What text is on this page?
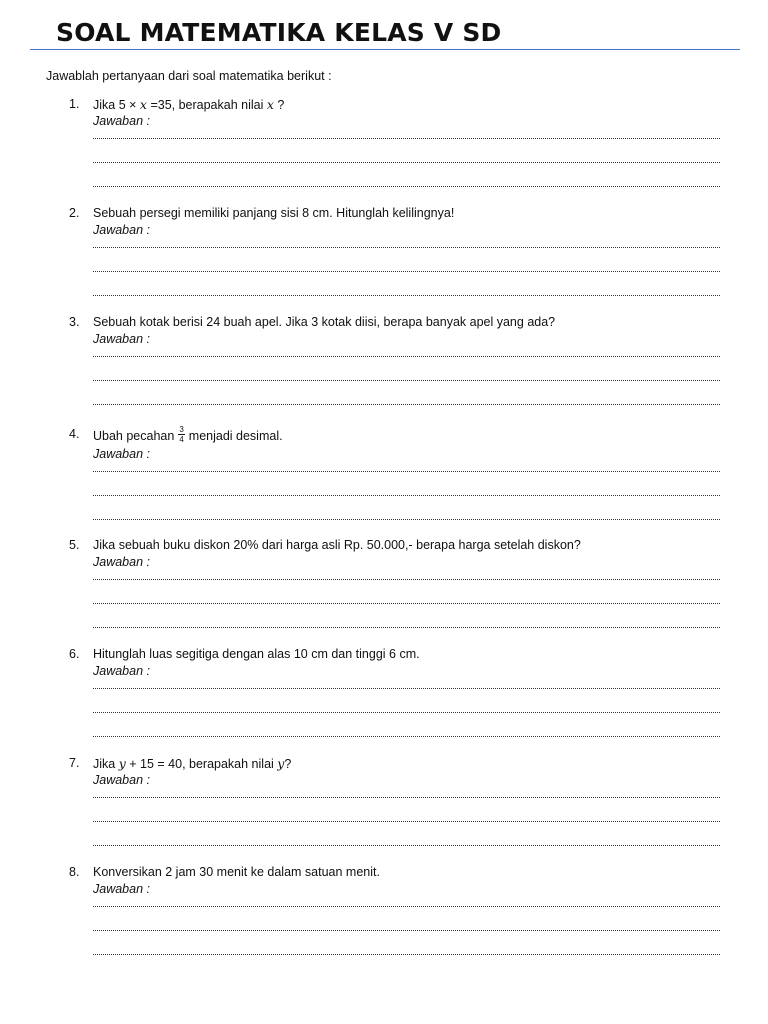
SOAL MATEMATIKA KELAS V SD
Jawablah pertanyaan dari soal matematika berikut :
1. Jika 5 × x =35, berapakah nilai x ?
Jawaban :
2. Sebuah persegi memiliki panjang sisi 8 cm. Hitunglah kelilingnya!
Jawaban :
3. Sebuah kotak berisi 24 buah apel. Jika 3 kotak diisi, berapa banyak apel yang ada?
Jawaban :
4. Ubah pecahan $\frac{3}{4}$ menjadi desimal.
Jawaban :
5. Jika sebuah buku diskon 20% dari harga asli Rp. 50.000,- berapa harga setelah diskon?
Jawaban :
6. Hitunglah luas segitiga dengan alas 10 cm dan tinggi 6 cm.
Jawaban :
7. Jika y + 15 = 40, berapakah nilai y?
Jawaban :
8. Konversikan 2 jam 30 menit ke dalam satuan menit.
Jawaban :
